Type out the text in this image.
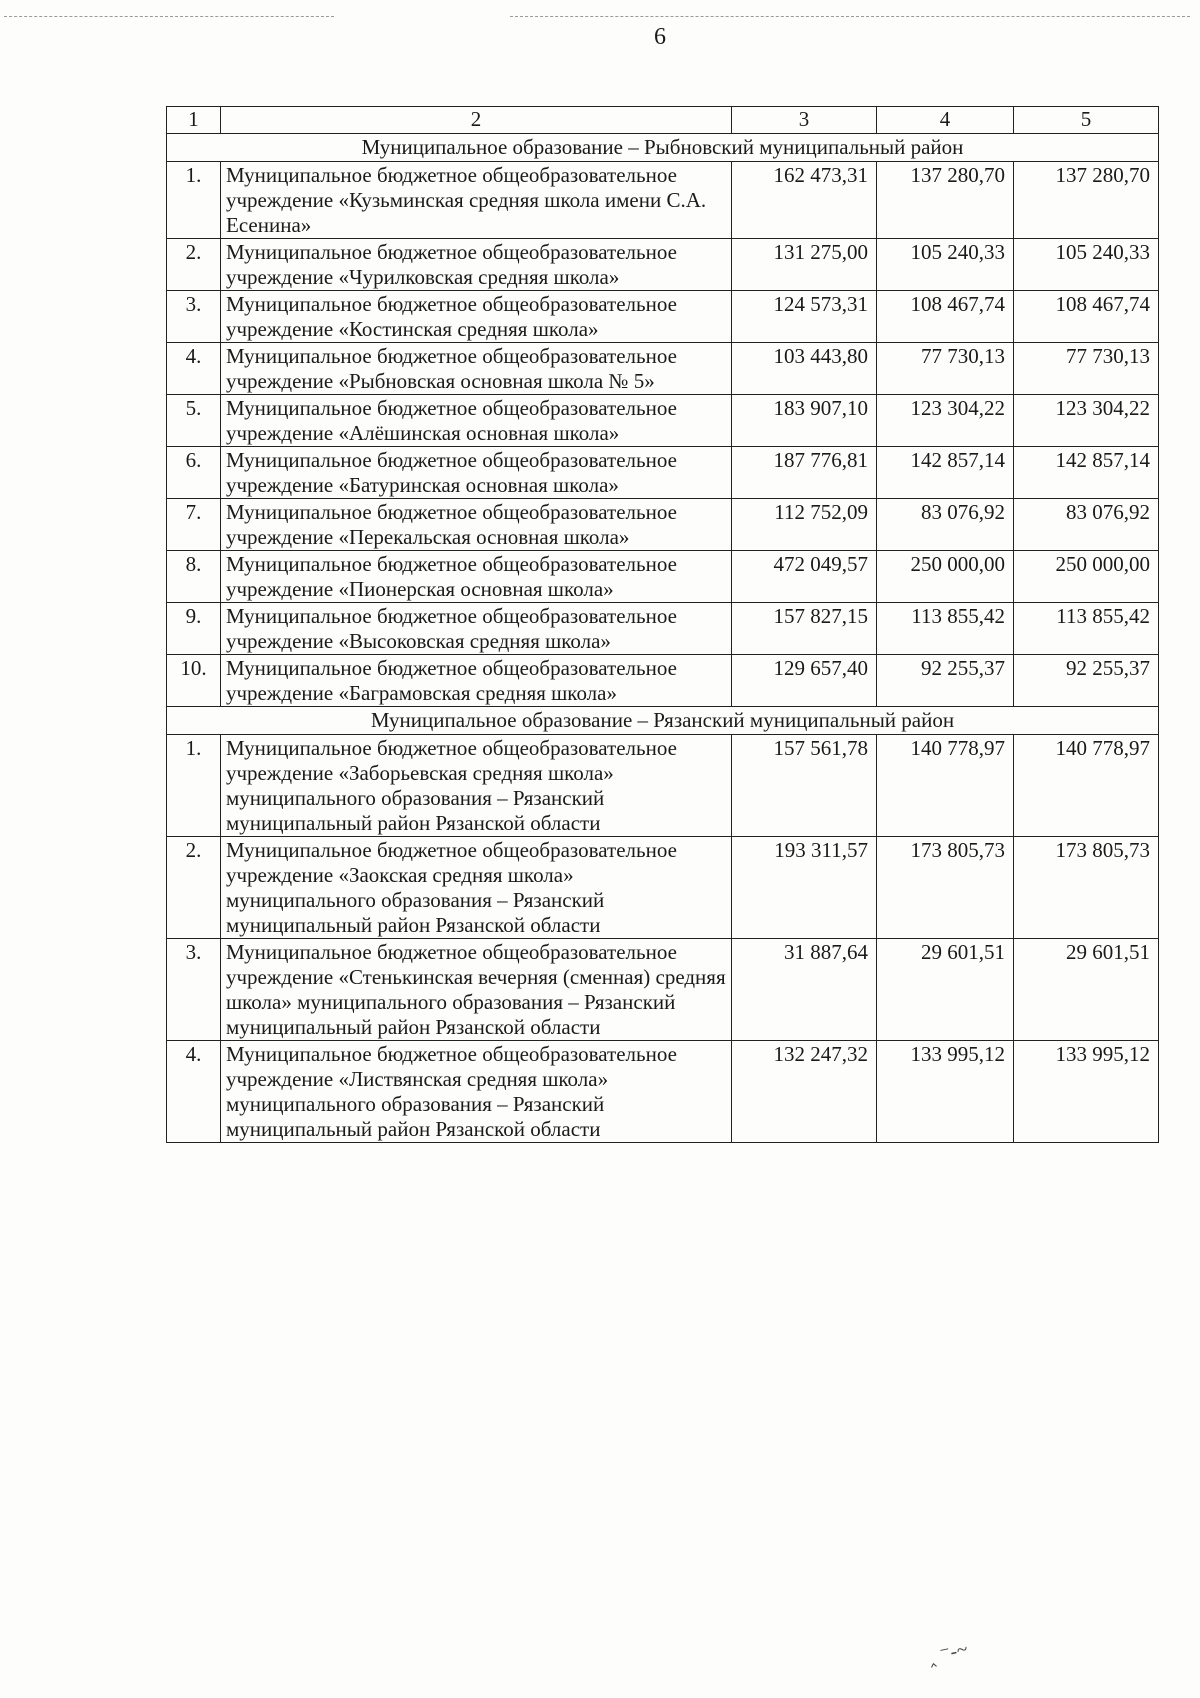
6
1	2	3	4	5
Муниципальное образование – Рыбновский муниципальный район				
1.	Муниципальное бюджетное общеобразовательное учреждение «Кузьминская средняя школа имени С.А. Есенина»	162 473,31	137 280,70	137 280,70
2.	Муниципальное бюджетное общеобразовательное учреждение «Чурилковская средняя школа»	131 275,00	105 240,33	105 240,33
3.	Муниципальное бюджетное общеобразовательное учреждение «Костинская средняя школа»	124 573,31	108 467,74	108 467,74
4.	Муниципальное бюджетное общеобразовательное учреждение «Рыбновская основная школа № 5»	103 443,80	77 730,13	77 730,13
5.	Муниципальное бюджетное общеобразовательное учреждение «Алёшинская основная школа»	183 907,10	123 304,22	123 304,22
6.	Муниципальное бюджетное общеобразовательное учреждение «Батуринская основная школа»	187 776,81	142 857,14	142 857,14
7.	Муниципальное бюджетное общеобразовательное учреждение «Перекальская основная школа»	112 752,09	83 076,92	83 076,92
8.	Муниципальное бюджетное общеобразовательное учреждение «Пионерская основная школа»	472 049,57	250 000,00	250 000,00
9.	Муниципальное бюджетное общеобразовательное учреждение «Высоковская средняя школа»	157 827,15	113 855,42	113 855,42
10.	Муниципальное бюджетное общеобразовательное учреждение «Баграмовская средняя школа»	129 657,40	92 255,37	92 255,37
Муниципальное образование – Рязанский муниципальный район				
1.	Муниципальное бюджетное общеобразовательное учреждение «Заборьевская средняя школа» муниципального образования – Рязанский муниципальный район Рязанской области	157 561,78	140 778,97	140 778,97
2.	Муниципальное бюджетное общеобразовательное учреждение «Заокская средняя школа» муниципального образования – Рязанский муниципальный район Рязанской области	193 311,57	173 805,73	173 805,73
3.	Муниципальное бюджетное общеобразовательное учреждение «Стенькинская вечерняя (сменная) средняя школа» муниципального образования – Рязанский муниципальный район Рязанской области	31 887,64	29 601,51	29 601,51
4.	Муниципальное бюджетное общеобразовательное учреждение «Листвянская средняя школа» муниципального образования – Рязанский муниципальный район Рязанской области	132 247,32	133 995,12	133 995,12
‸ ⁻‐~
